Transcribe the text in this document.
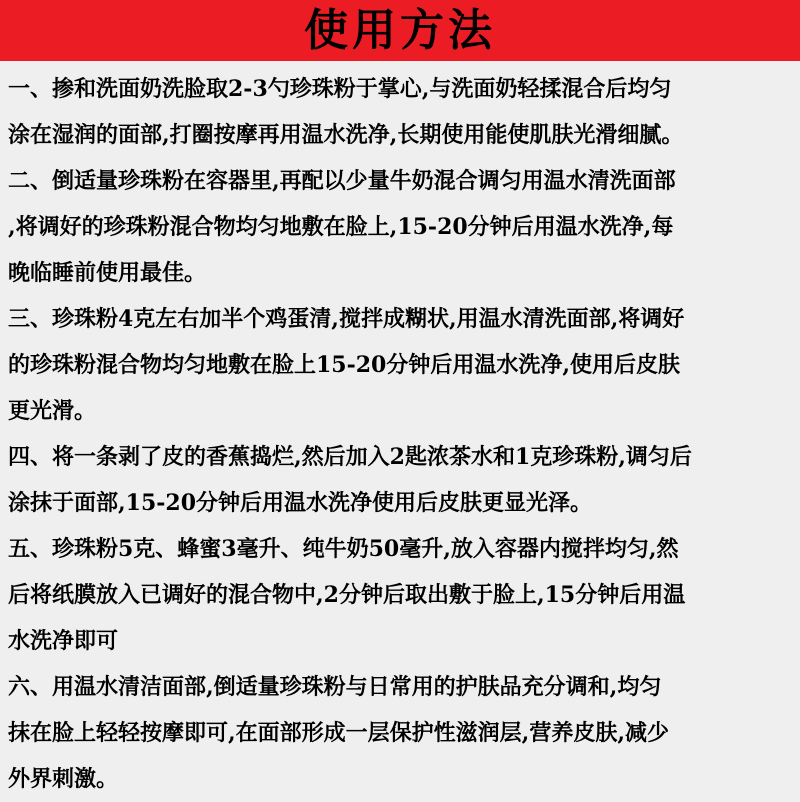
使用方法
一、掺和洗面奶洗脸取2-3勺珍珠粉于掌心,与洗面奶轻揉混合后均匀
涂在湿润的面部,打圈按摩再用温水洗净,长期使用能使肌肤光滑细腻。
二、倒适量珍珠粉在容器里,再配以少量牛奶混合调匀用温水清洗面部
,将调好的珍珠粉混合物均匀地敷在脸上,15-20分钟后用温水洗净,每
晚临睡前使用最佳。
三、珍珠粉4克左右加半个鸡蛋清,搅拌成糊状,用温水清洗面部,将调好
的珍珠粉混合物均匀地敷在脸上15-20分钟后用温水洗净,使用后皮肤
更光滑。
四、将一条剥了皮的香蕉捣烂,然后加入2匙浓茶水和1克珍珠粉,调匀后
涂抹于面部,15-20分钟后用温水洗净使用后皮肤更显光泽。
五、珍珠粉5克、蜂蜜3毫升、纯牛奶50毫升,放入容器内搅拌均匀,然
后将纸膜放入已调好的混合物中,2分钟后取出敷于脸上,15分钟后用温
水洗净即可
六、用温水清洁面部,倒适量珍珠粉与日常用的护肤品充分调和,均匀
抹在脸上轻轻按摩即可,在面部形成一层保护性滋润层,营养皮肤,减少
外界刺激。
